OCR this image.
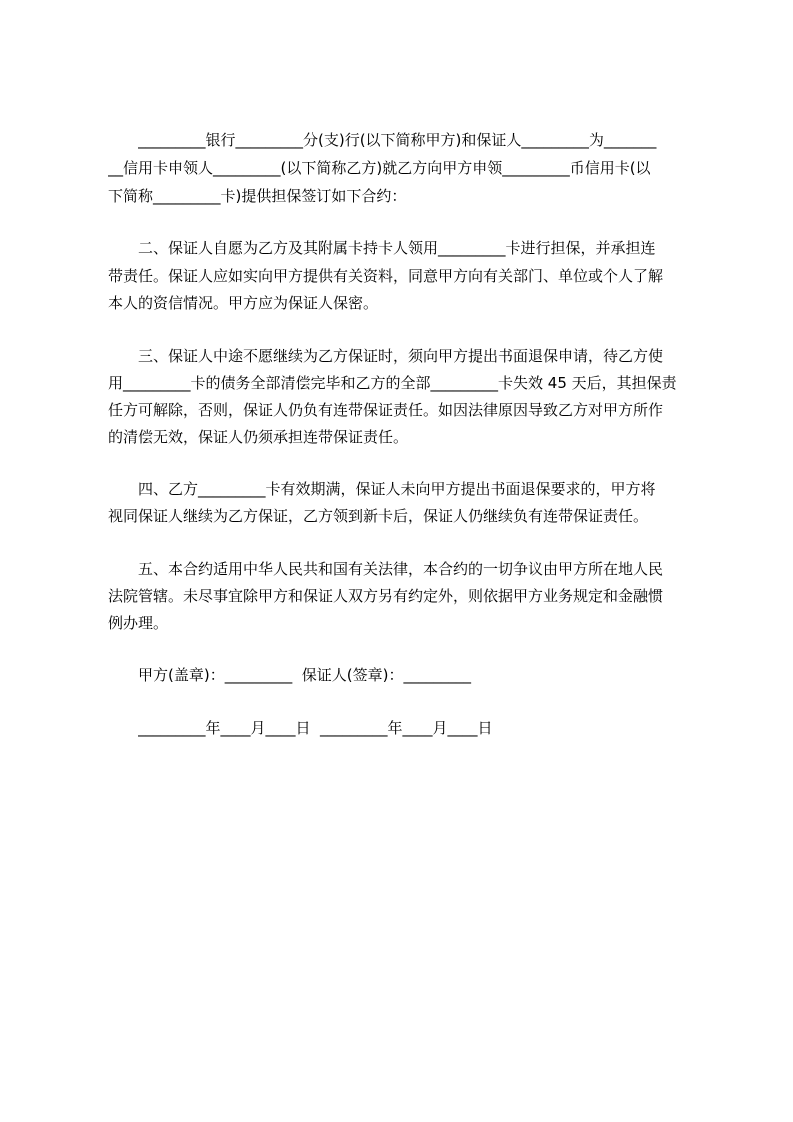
_________银行_________分(支)行(以下简称甲方)和保证人_________为_______
__信用卡申领人_________(以下简称乙方)就乙方向甲方申领_________币信用卡(以
下简称_________卡)提供担保签订如下合约：
二、保证人自愿为乙方及其附属卡持卡人领用_________卡进行担保，并承担连
带责任。保证人应如实向甲方提供有关资料，同意甲方向有关部门、单位或个人了解
本人的资信情况。甲方应为保证人保密。
三、保证人中途不愿继续为乙方保证时，须向甲方提出书面退保申请，待乙方使
用_________卡的债务全部清偿完毕和乙方的全部_________卡失效 45 天后，其担保责
任方可解除，否则，保证人仍负有连带保证责任。如因法律原因导致乙方对甲方所作
的清偿无效，保证人仍须承担连带保证责任。
四、乙方_________卡有效期满，保证人未向甲方提出书面退保要求的，甲方将
视同保证人继续为乙方保证，乙方领到新卡后，保证人仍继续负有连带保证责任。
五、本合约适用中华人民共和国有关法律，本合约的一切争议由甲方所在地人民
法院管辖。未尽事宜除甲方和保证人双方另有约定外，则依据甲方业务规定和金融惯
例办理。
甲方(盖章)：_________  保证人(签章)：_________
_________年____月____日  _________年____月____日
